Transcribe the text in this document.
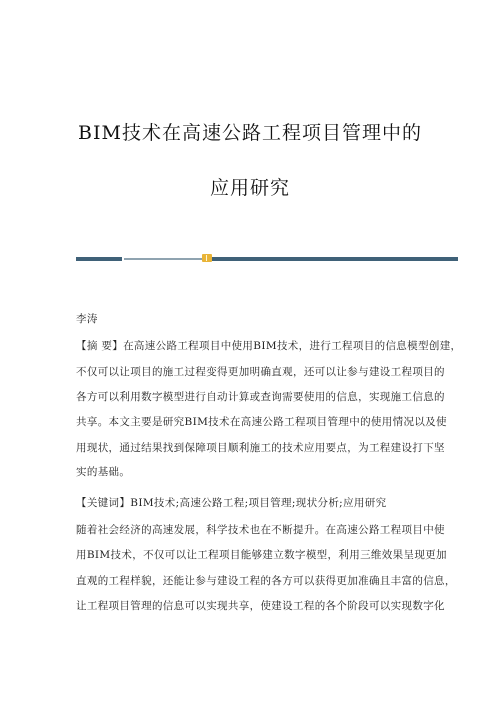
BIM技术在高速公路工程项目管理中的
应用研究
李涛
【摘 要】在高速公路工程项目中使用BIM技术，进行工程项目的信息模型创建，
不仅可以让项目的施工过程变得更加明确直观，还可以让参与建设工程项目的
各方可以利用数字模型进行自动计算或查询需要使用的信息，实现施工信息的
共享。本文主要是研究BIM技术在高速公路工程项目管理中的使用情况以及使
用现状，通过结果找到保障项目顺利施工的技术应用要点，为工程建设打下坚
实的基础。
【关键词】BIM技术;高速公路工程;项目管理;现状分析;应用研究
随着社会经济的高速发展，科学技术也在不断提升。在高速公路工程项目中使
用BIM技术，不仅可以让工程项目能够建立数字模型，利用三维效果呈现更加
直观的工程样貌，还能让参与建设工程的各方可以获得更加准确且丰富的信息，
让工程项目管理的信息可以实现共享，使建设工程的各个阶段可以实现数字化
